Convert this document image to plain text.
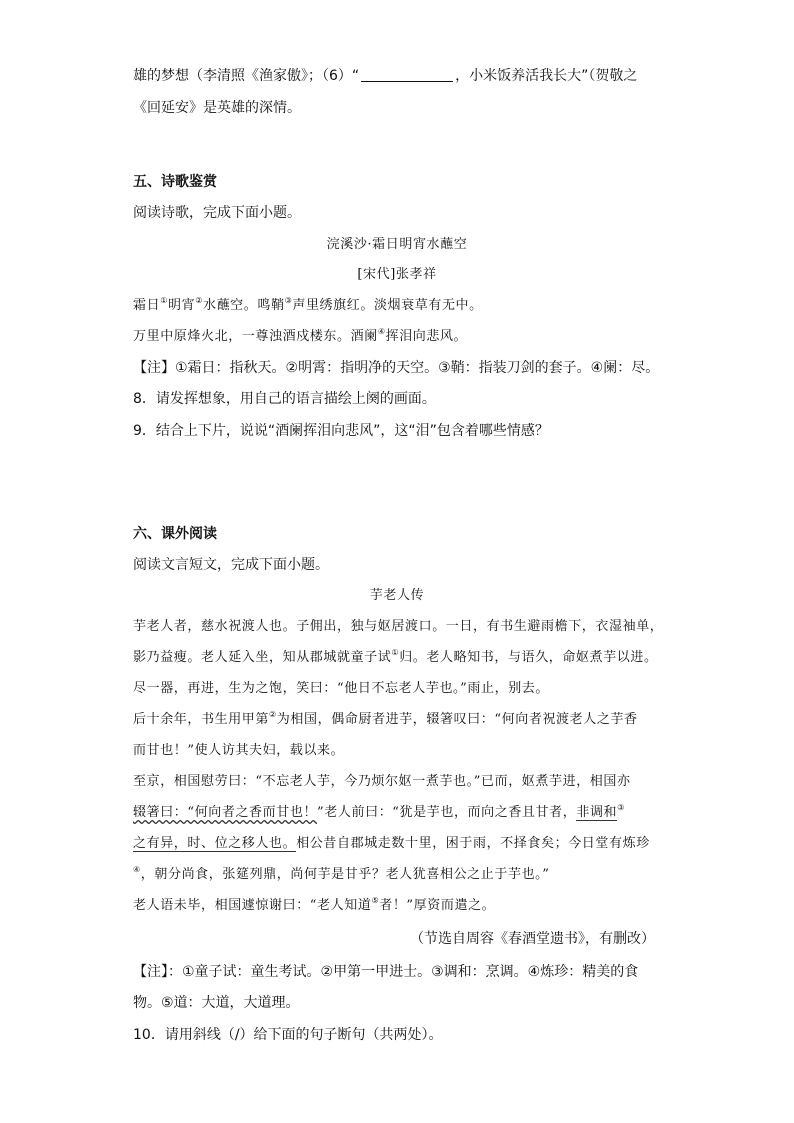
雄的梦想（李清照《渔家傲》；（6）“	，小米饭养活我长大”（贺敬之
《回延安》是英雄的深情。
五、诗歌鉴赏
阅读诗歌，完成下面小题。
浣溪沙·霜日明宵水蘸空
[宋代]张孝祥
霜日①明宵②水蘸空。鸣鞘③声里绣旗红。淡烟衰草有无中。
万里中原烽火北，一尊浊酒戍楼东。酒阑④挥泪向悲风。
【注】①霜日：指秋天。②明霄：指明净的天空。③鞘：指装刀剑的套子。④阑：尽。
8．请发挥想象，用自己的语言描绘上阕的画面。
9．结合上下片，说说“酒阑挥泪向悲风”，这“泪”包含着哪些情感？
六、课外阅读
阅读文言短文，完成下面小题。
芋老人传
芋老人者，慈水祝渡人也。子佣出，独与妪居渡口。一日，有书生避雨檐下，衣湿袖单，
影乃益瘦。老人延入坐，知从郡城就童子试①归。老人略知书，与语久，命妪煮芋以进。
尽一器，再进，生为之饱，笑曰：“他日不忘老人芋也。”雨止，别去。
后十余年，书生用甲第②为相国，偶命厨者进芋，辍箸叹曰：“何向者祝渡老人之芋香
而甘也！”使人访其夫妇，载以来。
至京，相国慰劳曰：“不忘老人芋，今乃烦尔妪一煮芋也。”已而，妪煮芋进，相国亦
辍箸曰：“何向者之香而甘也！”老人前曰：“犹是芋也，而向之香且甘者，非调和③
之有异，时、位之移人也。相公昔自郡城走数十里，困于雨，不择食矣；今日堂有炼珍
④，朝分尚食，张筵列鼎，尚何芋是甘乎？老人犹喜相公之止于芋也。”
老人语未毕，相国遽惊谢曰：“老人知道⑤者！”厚资而遣之。
（节选自周容《春酒堂遗书》，有删改）
【注】：①童子试：童生考试。②甲第一甲进士。③调和：烹调。④炼珍：精美的食
物。⑤道：大道，大道理。
10．请用斜线（/）给下面的句子断句（共两处）。
